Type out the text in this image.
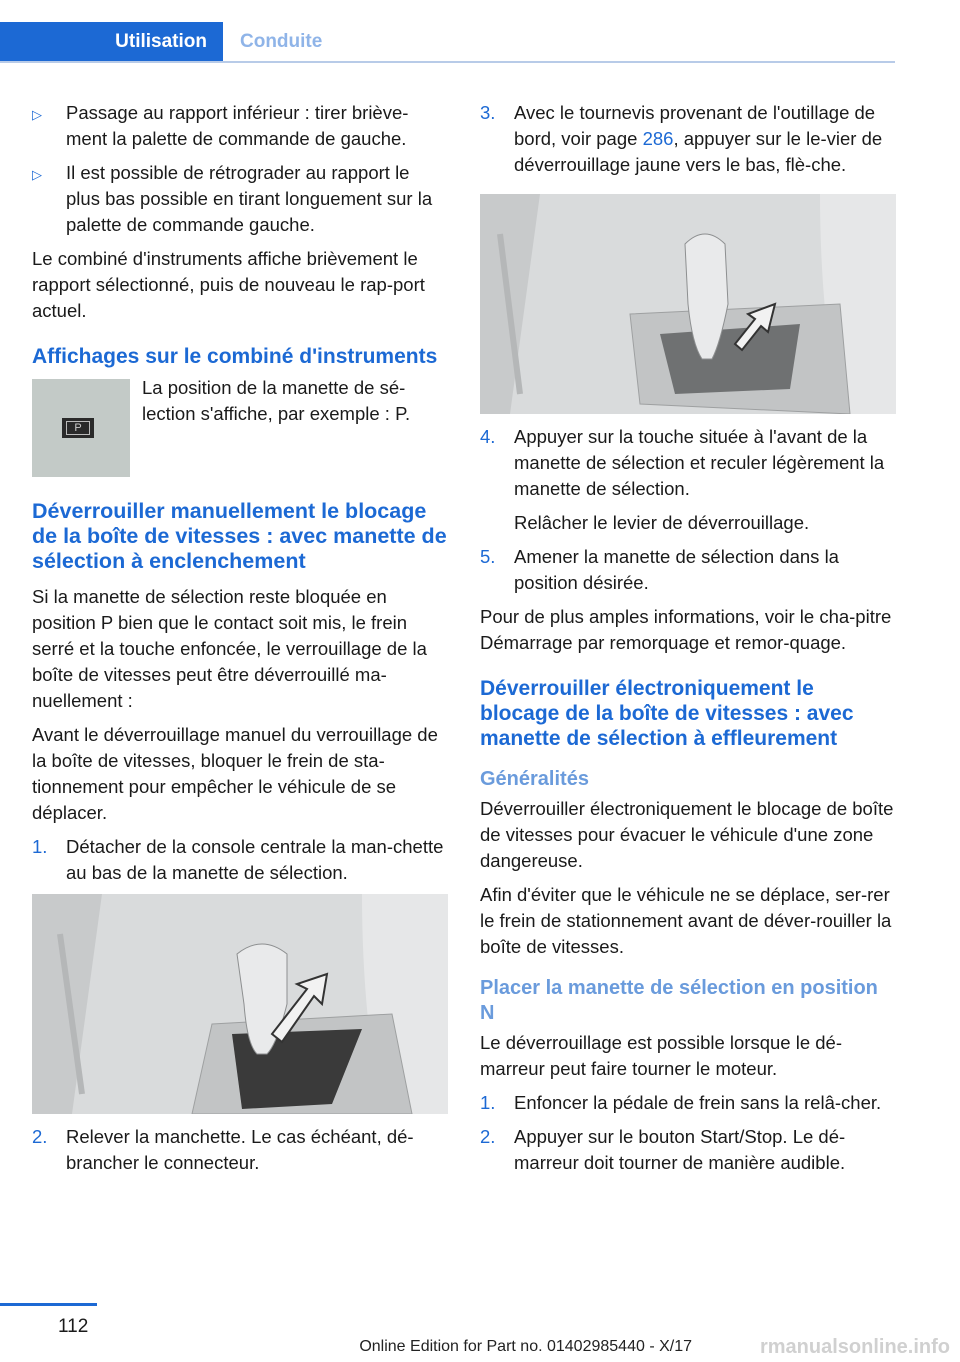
Utilisation	Conduite
▷ Passage au rapport inférieur : tirer briève-ment la palette de commande de gauche.
▷ Il est possible de rétrograder au rapport le plus bas possible en tirant longuement sur la palette de commande gauche.

Le combiné d'instruments affiche brièvement le rapport sélectionné, puis de nouveau le rap-port actuel.

Affichages sur le combiné d'instruments
P
La position de la manette de sé-lection s'affiche, par exemple : P.
Déverrouiller manuellement le blocage de la boîte de vitesses : avec manette de sélection à enclenchement

Si la manette de sélection reste bloquée en position P bien que le contact soit mis, le frein serré et la touche enfoncée, le verrouillage de la boîte de vitesses peut être déverrouillé ma-nuellement :

Avant le déverrouillage manuel du verrouillage de la boîte de vitesses, bloquer le frein de sta-tionnement pour empêcher le véhicule de se déplacer.

1. Détacher de la console centrale la man-chette au bas de la manette de sélection.
2. Relever la manchette. Le cas échéant, dé-brancher le connecteur.
3. Avec le tournevis provenant de l'outillage de bord, voir page 286, appuyer sur le le-vier de déverrouillage jaune vers le bas, flè-che.
4. Appuyer sur la touche située à l'avant de la manette de sélection et reculer légèrement la manette de sélection.

Relâcher le levier de déverrouillage.

5. Amener la manette de sélection dans la position désirée.

Pour de plus amples informations, voir le cha-pitre Démarrage par remorquage et remor-quage.

Déverrouiller électroniquement le blocage de la boîte de vitesses : avec manette de sélection à effleurement
Généralités

Déverrouiller électroniquement le blocage de boîte de vitesses pour évacuer le véhicule d'une zone dangereuse.

Afin d'éviter que le véhicule ne se déplace, ser-rer le frein de stationnement avant de déver-rouiller la boîte de vitesses.

Placer la manette de sélection en position N

Le déverrouillage est possible lorsque le dé-marreur peut faire tourner le moteur.

1. Enfoncer la pédale de frein sans la relâ-cher.
2. Appuyer sur le bouton Start/Stop. Le dé-marreur doit tourner de manière audible.
112
Online Edition for Part no. 01402985440 - X/17	rmanualsonline.info
